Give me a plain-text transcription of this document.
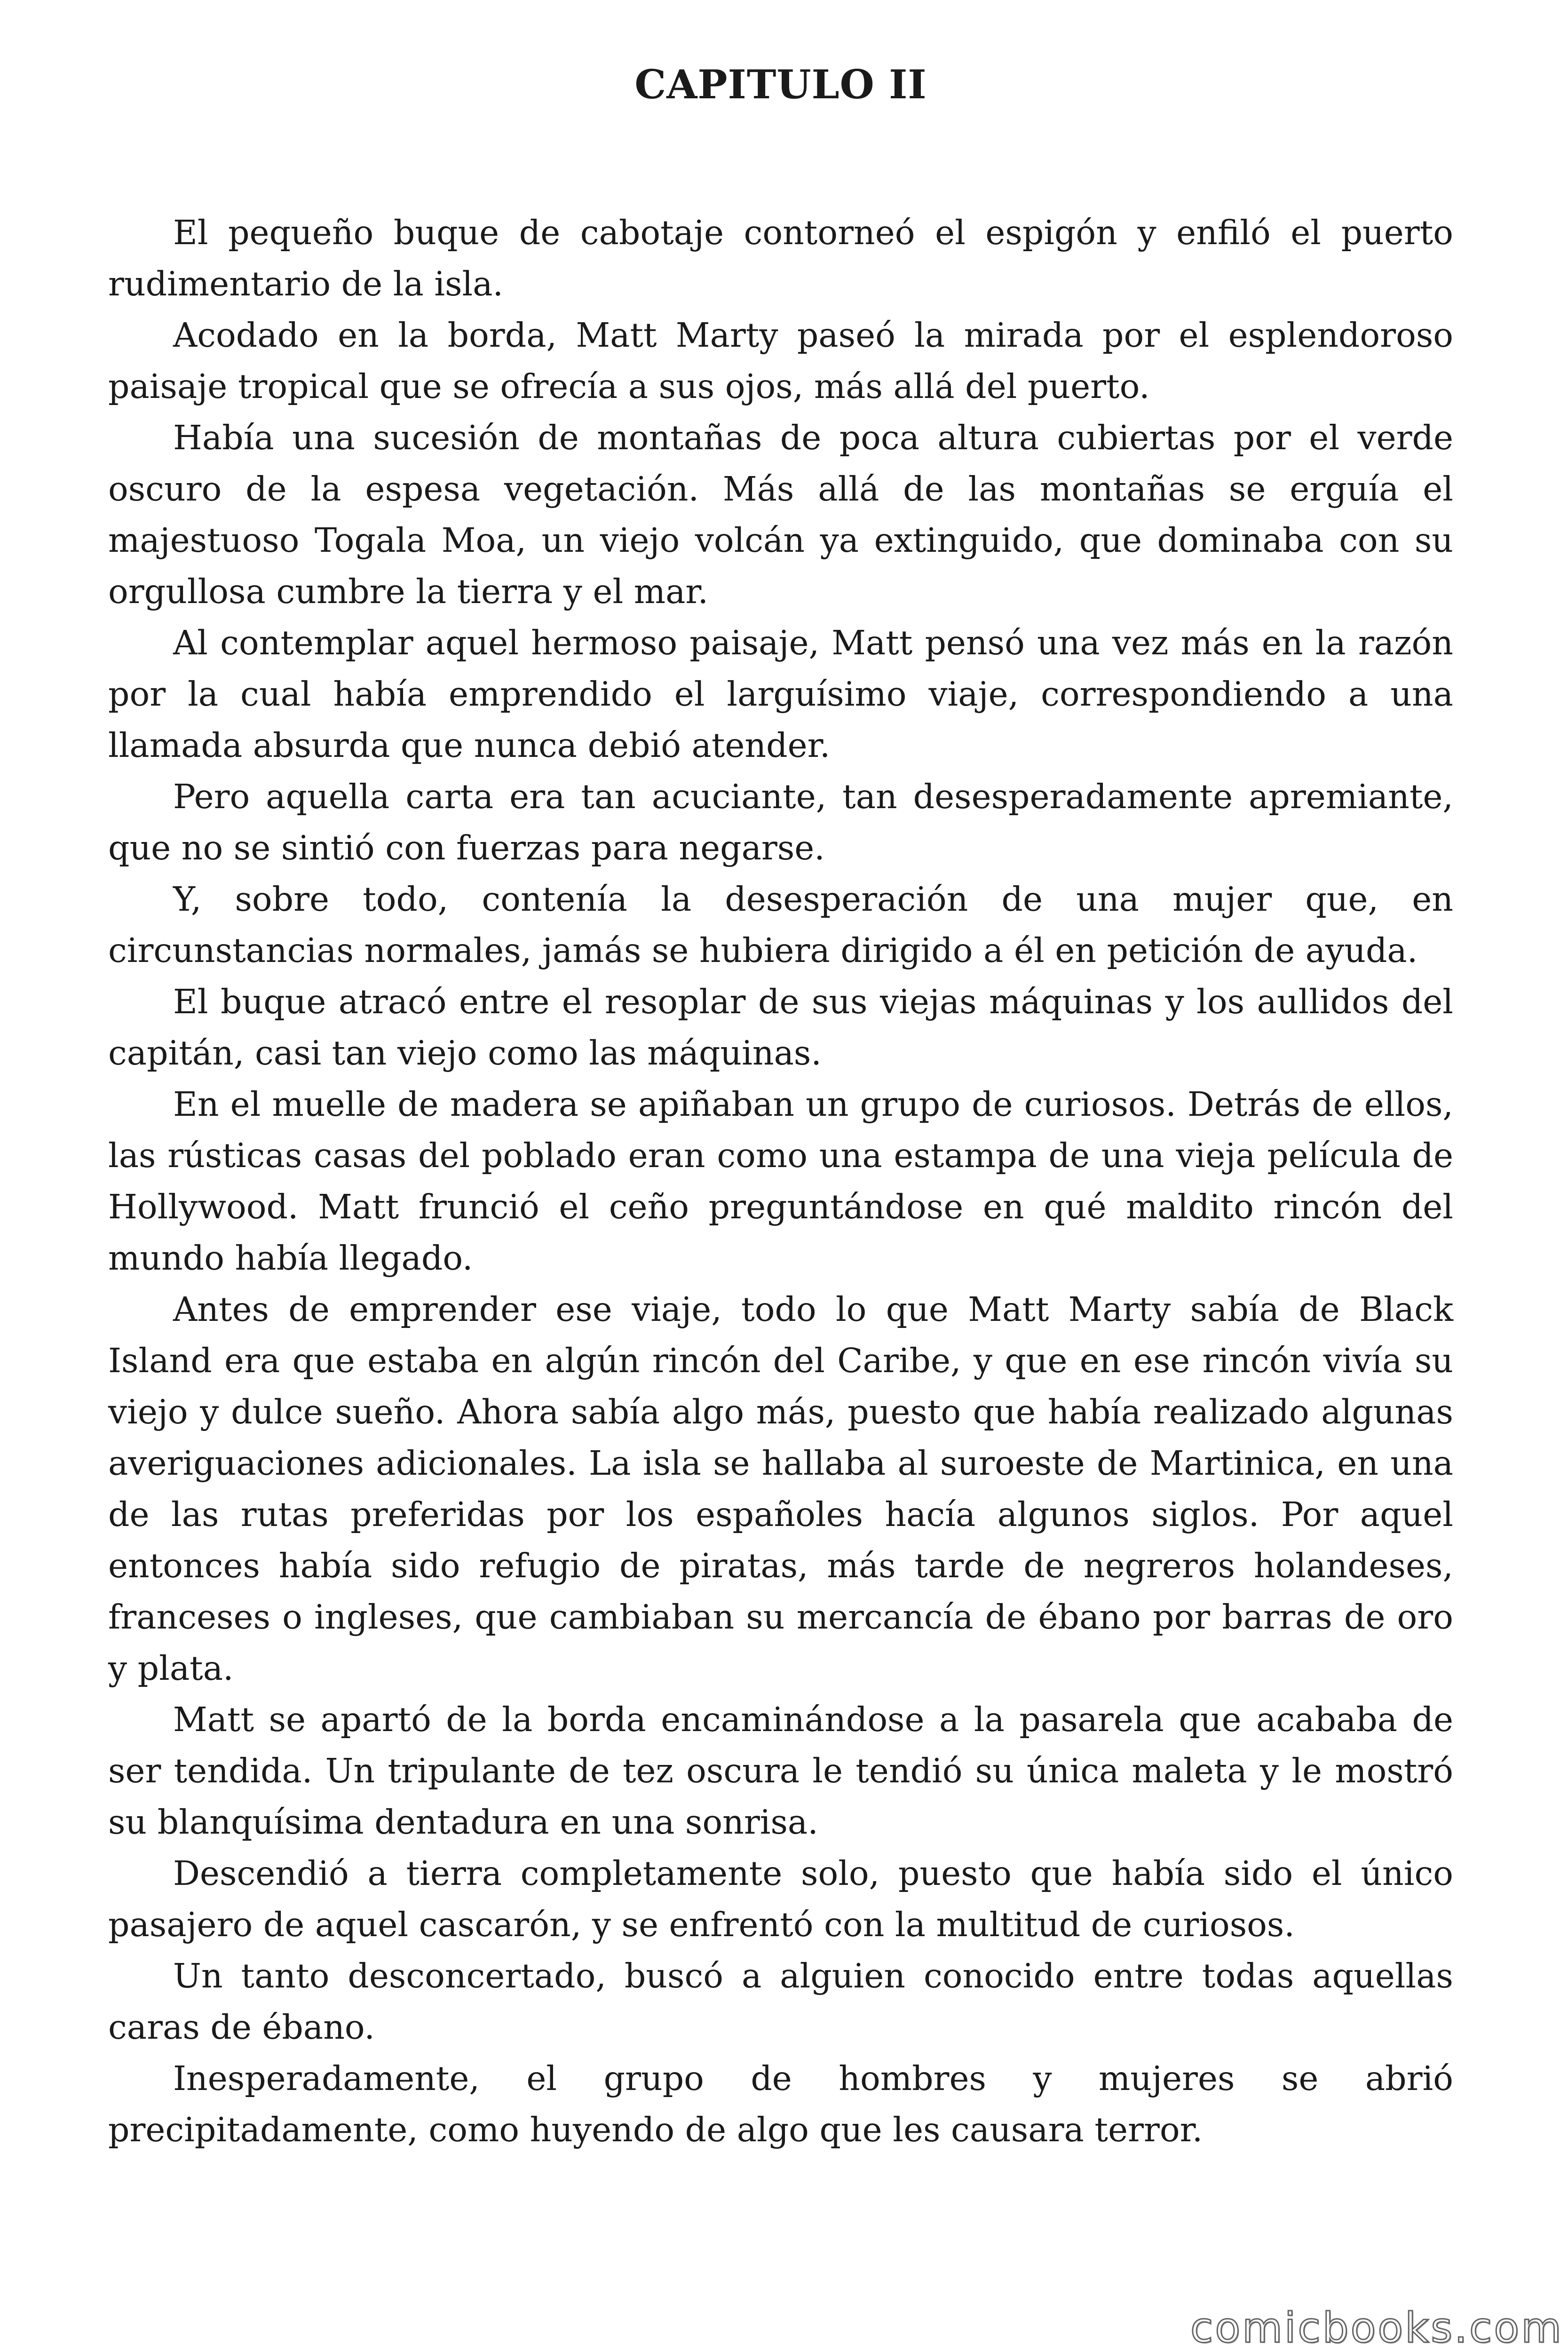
CAPITULO II

El pequeño buque de cabotaje contorneó el espigón y enfiló el puerto rudimentario de la isla.

Acodado en la borda, Matt Marty paseó la mirada por el esplendoroso paisaje tropical que se ofrecía a sus ojos, más allá del puerto.

Había una sucesión de montañas de poca altura cubiertas por el verde oscuro de la espesa vegetación. Más allá de las montañas se erguía el majestuoso Togala Moa, un viejo volcán ya extinguido, que dominaba con su orgullosa cumbre la tierra y el mar.

Al contemplar aquel hermoso paisaje, Matt pensó una vez más en la razón por la cual había emprendido el larguísimo viaje, correspondiendo a una llamada absurda que nunca debió atender.

Pero aquella carta era tan acuciante, tan desesperadamente apremiante, que no se sintió con fuerzas para negarse.

Y, sobre todo, contenía la desesperación de una mujer que, en circunstancias normales, jamás se hubiera dirigido a él en petición de ayuda.

El buque atracó entre el resoplar de sus viejas máquinas y los aullidos del capitán, casi tan viejo como las máquinas.

En el muelle de madera se apiñaban un grupo de curiosos. Detrás de ellos, las rústicas casas del poblado eran como una estampa de una vieja película de Hollywood. Matt frunció el ceño preguntándose en qué maldito rincón del mundo había llegado.

Antes de emprender ese viaje, todo lo que Matt Marty sabía de Black Island era que estaba en algún rincón del Caribe, y que en ese rincón vivía su viejo y dulce sueño. Ahora sabía algo más, puesto que había realizado algunas averiguaciones adicionales. La isla se hallaba al suroeste de Martinica, en una de las rutas preferidas por los españoles hacía algunos siglos. Por aquel entonces había sido refugio de piratas, más tarde de negreros holandeses, franceses o ingleses, que cambiaban su mercancía de ébano por barras de oro y plata.

Matt se apartó de la borda encaminándose a la pasarela que acababa de ser tendida. Un tripulante de tez oscura le tendió su única maleta y le mostró su blanquísima dentadura en una sonrisa.

Descendió a tierra completamente solo, puesto que había sido el único pasajero de aquel cascarón, y se enfrentó con la multitud de curiosos.

Un tanto desconcertado, buscó a alguien conocido entre todas aquellas caras de ébano.

Inesperadamente, el grupo de hombres y mujeres se abrió precipitadamente, como huyendo de algo que les causara terror.

comicbooks.com
